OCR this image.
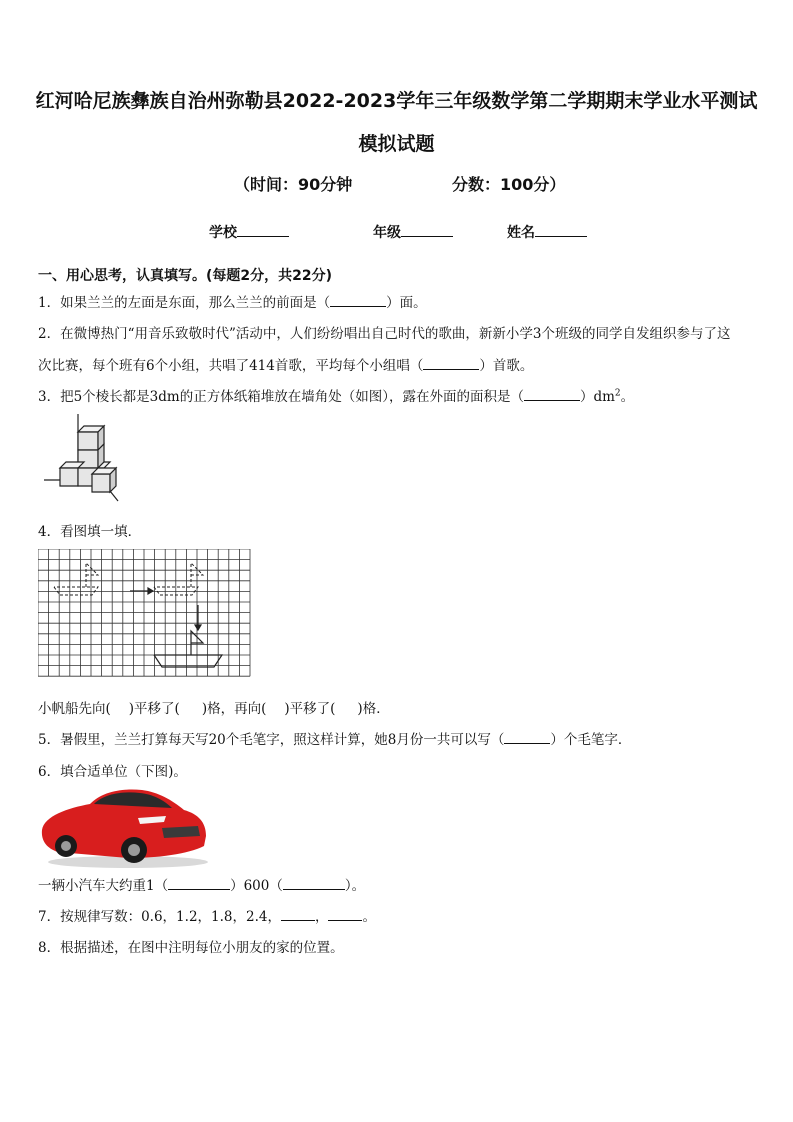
红河哈尼族彝族自治州弥勒县2022-2023学年三年级数学第二学期期末学业水平测试
模拟试题
（时间：90分钟	分数：100分）
学校	年级	姓名
一、用心思考，认真填写。(每题2分，共22分)
1．如果兰兰的左面是东面，那么兰兰的前面是（	）面。
2．在微博热门“用音乐致敬时代”活动中，人们纷纷唱出自己时代的歌曲，新新小学3个班级的同学自发组织参与了这
次比赛，每个班有6个小组，共唱了414首歌，平均每个小组唱（	）首歌。
3．把5个棱长都是3dm的正方体纸箱堆放在墙角处（如图），露在外面的面积是（	）$dm^2$。
4．看图填一填．
小帆船先向( )平移了( )格，再向( )平移了( )格．
5．暑假里，兰兰打算每天写20个毛笔字，照这样计算，她8月份一共可以写（	）个毛笔字．
6．填合适单位（下图)。
一辆小汽车大约重1（	）600（	）。
7．按规律写数：0.6，1.2，1.8，2.4，	，	。
8．根据描述，在图中注明每位小朋友的家的位置。
